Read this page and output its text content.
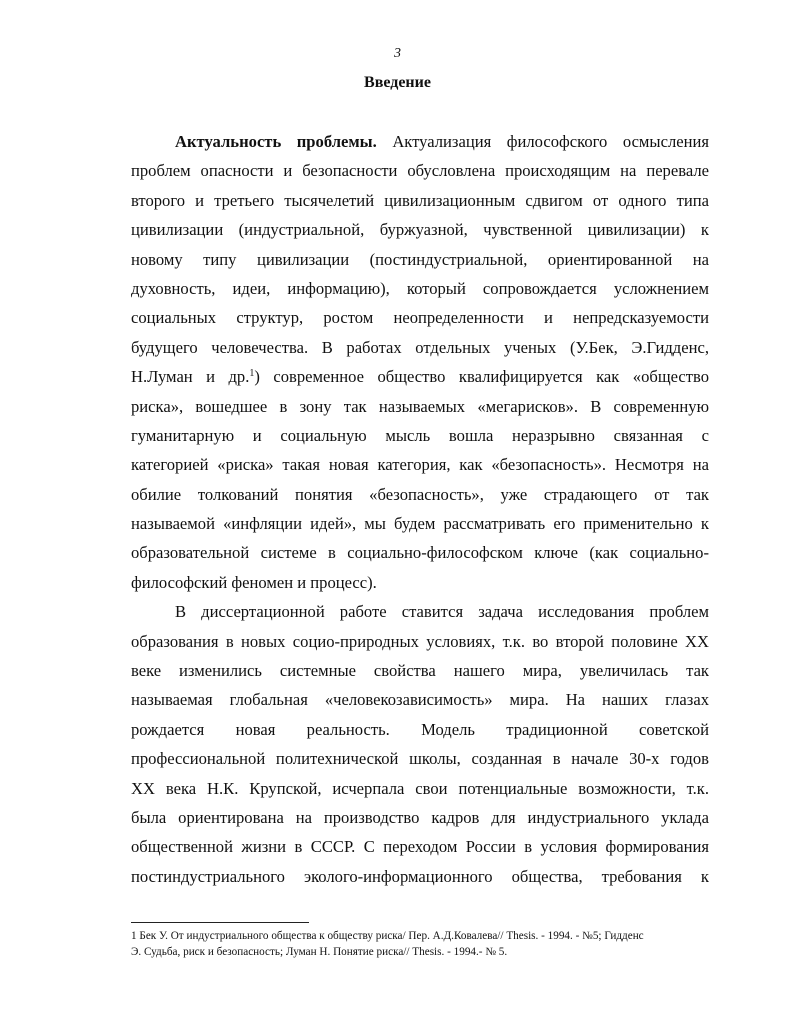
3
Введение
Актуальность проблемы. Актуализация философского осмысления
проблем опасности и безопасности обусловлена происходящим на перевале
второго и третьего тысячелетий цивилизационным сдвигом от одного типа
цивилизации (индустриальной, буржуазной, чувственной цивилизации) к
новому типу цивилизации (постиндустриальной, ориентированной на
духовность, идеи, информацию), который сопровождается усложнением
социальных структур, ростом неопределенности и непредсказуемости
будущего человечества. В работах отдельных ученых (У.Бек, Э.Гидденс,
Н.Луман и др.$^1$) современное общество квалифицируется как «общество
риска», вошедшее в зону так называемых «мегарисков». В современную
гуманитарную и социальную мысль вошла неразрывно связанная с
категорией «риска» такая новая категория, как «безопасность». Несмотря на
обилие толкований понятия «безопасность», уже страдающего от так
называемой «инфляции идей», мы будем рассматривать его применительно к
образовательной системе в социально-философском ключе (как социально-
философский феномен и процесс).
В диссертационной работе ставится задача исследования проблем
образования в новых социо-природных условиях, т.к. во второй половине XX
веке изменились системные свойства нашего мира, увеличилась так
называемая глобальная «человекозависимость» мира. На наших глазах
рождается новая реальность. Модель традиционной советской
профессиональной политехнической школы, созданная в начале 30-х годов
XX века Н.К. Крупской, исчерпала свои потенциальные возможности, т.к.
была ориентирована на производство кадров для индустриального уклада
общественной жизни в СССР. С переходом России в условия формирования
постиндустриального эколого-информационного общества, требования к
1 Бек У. От индустриального общества к обществу риска/ Пер. А.Д.Ковалева// Thesis. - 1994. - №5; Гидденс
Э. Судьба, риск и безопасность; Луман Н. Понятие риска// Thesis. - 1994.- № 5.
